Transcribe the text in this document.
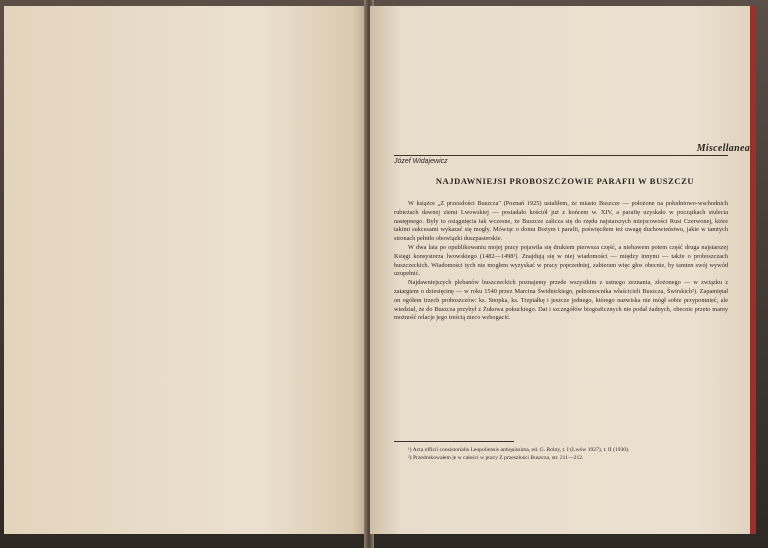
Miscellanea
Józef Widajewicz
NAJDAWNIEJSI PROBOSZCZOWIE PARAFII W BUSZCZU

W książce „Z przeszłości Buszcza" (Poznań 1925) ustaliłem, że miasto Buszcze — położone na południowo-wschodnich rubieżach dawnej ziemi Lwowskiej — posiadało kościół już z końcem w. XIV, a parafię uzyskało w początkach stulecia następnego. Były to osiągnięcia tak wczesne, że Buszcze zalicza się do rzędu najstarszych miejscowości Rusi Czerwonej, które takimi sukcesami wykazać się mogły. Mówiąc o domu Bożym i parafii, poświęciłem też uwagę duchowieństwu, jakie w tamtych stronach pełniło obowiązki duszpasterskie.

W dwa lata po opublikowaniu mojej pracy pojawiła się drukiem pierwsza część, a niebawem potem część druga najstarszej Księgi konsystorza lwowskiego (1482—1498¹). Znajdują się w niej wiadomości — między innymi — także o proboszczach buszczeckich. Wiadomości tych nie mogłem wyzyskać w pracy poprzedniej, zabieram więc głos obecnie, by tamten swój wywód uzupełnić.

Najdawniejszych plebanów buszczeckich poznajemy przede wszystkim z ustnego zeznania, złożonego — w związku z zatargiem o dziesięcinę — w roku 1540 przez Marcina Świdnickiego, pełnomocnika właścicieli Buszcza, Świrskich²). Zapamiętał on ogółem trzech proboszczów: ks. Snopka, ks. Trzpiałkę i jeszcze jednego, którego nazwiska nie mógł sobie przypomnieć, ale wiedział, że do Buszcza przybył z Żukowa pokuckiego. Dat i szczegółów biograficznych nie podał żadnych, obecnie przeto mamy możność relacje jego treścią nieco wzbogacić.

¹) Acta officii consistorialis Leopoliensis antiquissima, ed. G. Rolny, t. I (Lwów 1927), t. II (1930).

²) Przedrukowałem je w całości w pracy Z przeszłości Buszcza, str. 211—212.
